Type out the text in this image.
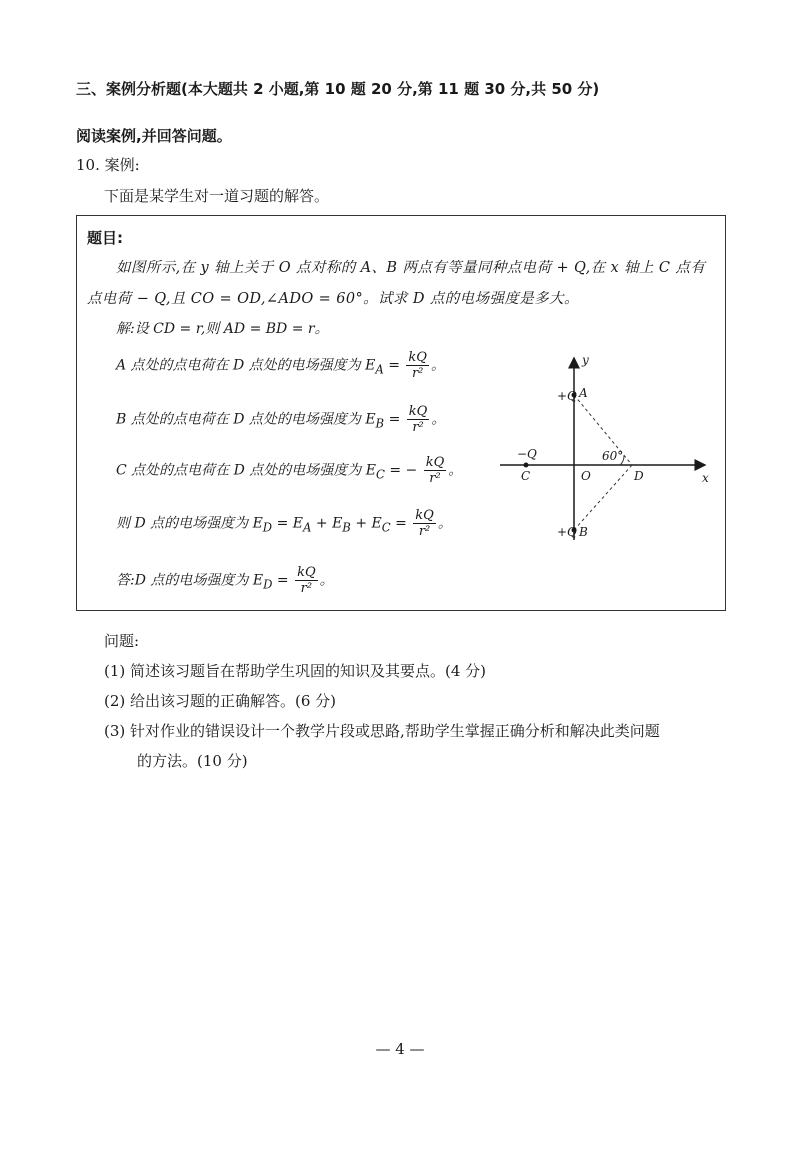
三、案例分析题(本大题共 2 小题,第 10 题 20 分,第 11 题 30 分,共 50 分)
阅读案例,并回答问题。
10. 案例:
下面是某学生对一道习题的解答。
题目:
如图所示,在 y 轴上关于 O 点对称的 A、B 两点有等量同种点电荷 + Q,在 x 轴上 C 点有
点电荷 − Q,且 CO = OD,∠ADO = 60°。试求 D 点的电场强度是多大。
解:设 CD = r,则 AD = BD = r。
A 点处的点电荷在 D 点处的电场强度为 $E_A = \frac{kQ}{\text{r²}}$ 。
B 点处的点电荷在 D 点处的电场强度为 $E_B = \frac{kQ}{\text{r²}}$ 。
C 点处的点电荷在 D 点处的电场强度为 $E_C$ = − $\frac{kQ}{\text{r²}}$ 。
则 D 点的电场强度为 $E_D = E_A + E_B + E_C = \frac{kQ}{\text{r²}}$ 。
答:D 点的电场强度为 $E_D = \frac{kQ}{\text{r²}}$ 。
y
x
+Q A
−Q
C	O
60°
D
+Q B
问题:
(1) 简述该习题旨在帮助学生巩固的知识及其要点。(4 分)
(2) 给出该习题的正确解答。(6 分)
(3) 针对作业的错误设计一个教学片段或思路,帮助学生掌握正确分析和解决此类问题
的方法。(10 分)
— 4 —
